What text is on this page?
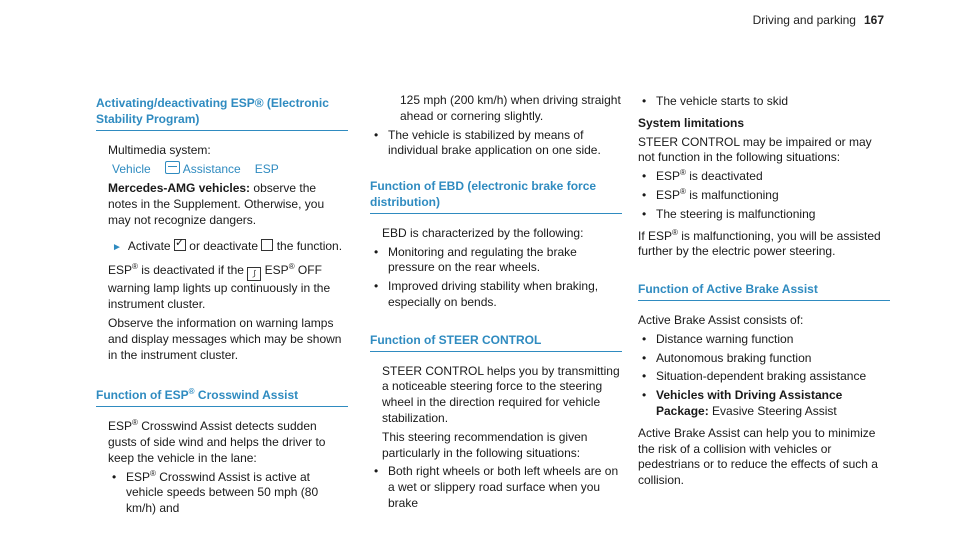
Driving and parking 167
Activating/deactivating ESP® (Electronic Stability Program)

Multimedia system:

Vehicle	Assistance ESP

Mercedes-AMG vehicles: observe the notes in the Supplement. Otherwise, you may not recognize dangers.

► Activate ✓ or deactivate the function.

ESP® is deactivated if the ⟆ ESP® OFF warning lamp lights up continuously in the instrument cluster.

Observe the information on warning lamps and display messages which may be shown in the instrument cluster.

Function of ESP® Crosswind Assist

ESP® Crosswind Assist detects sudden gusts of side wind and helps the driver to keep the vehicle in the lane:

• ESP® Crosswind Assist is active at vehicle speeds between 50 mph (80 km/h) and

125 mph (200 km/h) when driving straight ahead or cornering slightly.

• The vehicle is stabilized by means of individual brake application on one side.
Function of EBD (electronic brake force distribution)

EBD is characterized by the following:

• Monitoring and regulating the brake pressure on the rear wheels.
• Improved driving stability when braking, especially on bends.
Function of STEER CONTROL

STEER CONTROL helps you by transmitting a noticeable steering force to the steering wheel in the direction required for vehicle stabilization.

This steering recommendation is given particularly in the following situations:

• Both right wheels or both left wheels are on a wet or slippery road surface when you brake
• The vehicle starts to skid

System limitations

STEER CONTROL may be impaired or may not function in the following situations:

• ESP® is deactivated
• ESP® is malfunctioning
• The steering is malfunctioning

If ESP® is malfunctioning, you will be assisted further by the electric power steering.

Function of Active Brake Assist

Active Brake Assist consists of:

• Distance warning function
• Autonomous braking function
• Situation-dependent braking assistance
• Vehicles with Driving Assistance Package: Evasive Steering Assist

Active Brake Assist can help you to minimize the risk of a collision with vehicles or pedestrians or to reduce the effects of such a collision.
